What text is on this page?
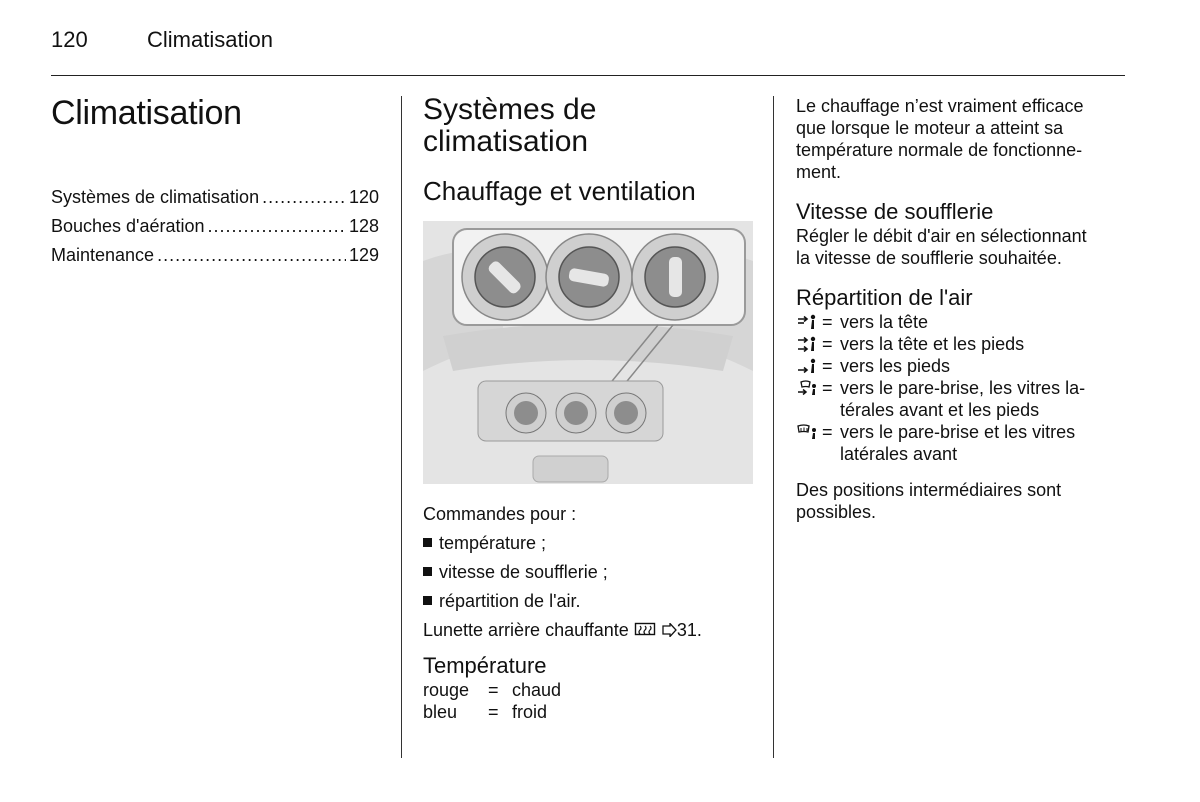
120	Climatisation
Climatisation
Systèmes de climatisation .....	120
Bouches d'aération .....	128
Maintenance .....	129
Systèmes de
climatisation
Chauffage et ventilation
Commandes pour :
température ;
vitesse de soufflerie ;
répartition de l'air.
Lunette arrière chauffante	31.
Température
rouge	= chaud
bleu	= froid
Le chauffage n’est vraiment efficace
que lorsque le moteur a atteint sa
température normale de fonctionne-
ment.
Vitesse de soufflerie
Régler le débit d'air en sélectionnant
la vitesse de soufflerie souhaitée.
Répartition de l'air
= vers la tête
= vers la tête et les pieds
= vers les pieds
= vers le pare-brise, les vitres la-
térales avant et les pieds
= vers le pare-brise et les vitres
latérales avant
Des positions intermédiaires sont
possibles.
